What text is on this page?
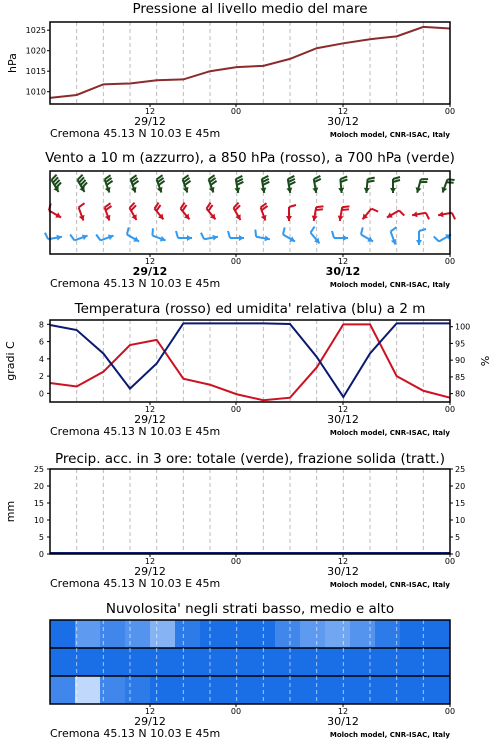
Pressione al livello medio del mare
12	00	12	00
29/12	30/12
Cremona 45.13 N 10.03 E 45m	Moloch model, CNR-ISAC, Italy
hPa
1025
1020
1015
1010
Vento a 10 m (azzurro), a 850 hPa (rosso), a 700 hPa (verde)
12	00	12	00
29/12	30/12
Cremona 45.13 N 10.03 E 45m	Moloch model, CNR-ISAC, Italy
Temperatura (rosso) ed umidita' relativa (blu) a 2 m
12	00	12	00
29/12	30/12
Cremona 45.13 N 10.03 E 45m	Moloch model, CNR-ISAC, Italy
gradi C	%
8
6
4
2
0
100
95
90
85
80
Precip. acc. in 3 ore: totale (verde), frazione solida (tratt.)
12	00	12	00
29/12	30/12
Cremona 45.13 N 10.03 E 45m	Moloch model, CNR-ISAC, Italy
mm
25	25
20	20
15	15
10	10
5	5
0	0
Nuvolosita' negli strati basso, medio e alto
12	00	12	00
29/12	30/12
Cremona 45.13 N 10.03 E 45m	Moloch model, CNR-ISAC, Italy
